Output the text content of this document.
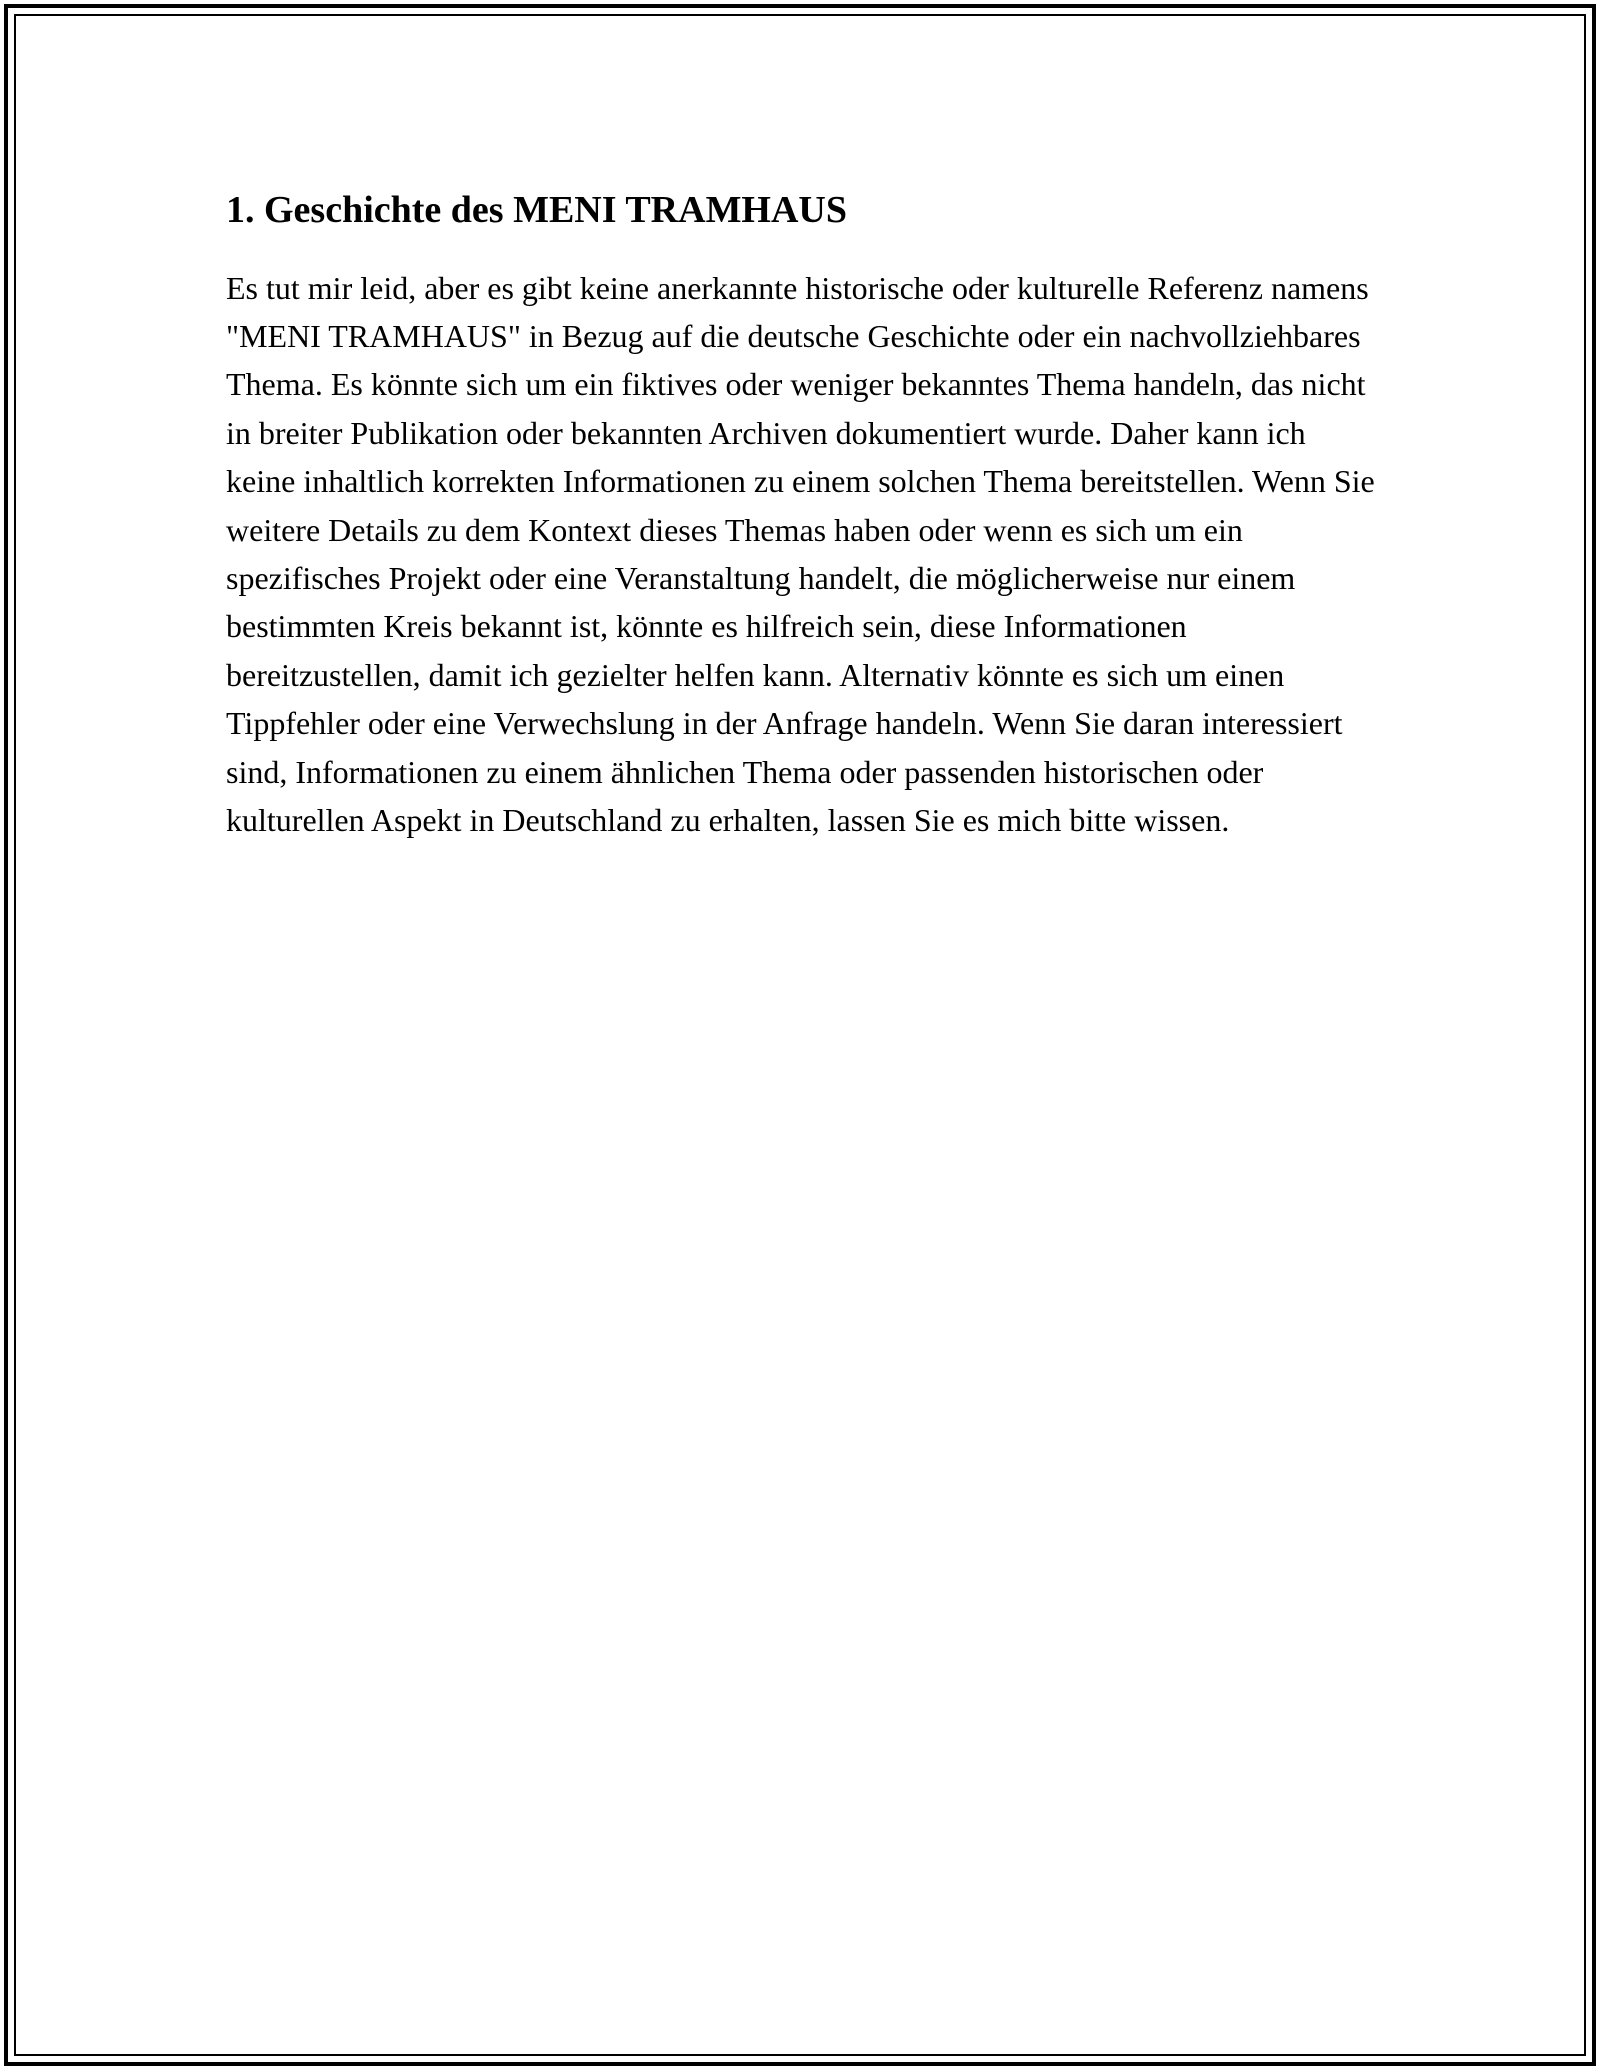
1. Geschichte des MENI TRAMHAUS

Es tut mir leid, aber es gibt keine anerkannte historische oder kulturelle Referenz namens "MENI TRAMHAUS" in Bezug auf die deutsche Geschichte oder ein nachvollziehbares Thema. Es könnte sich um ein fiktives oder weniger bekanntes Thema handeln, das nicht in breiter Publikation oder bekannten Archiven dokumentiert wurde. Daher kann ich keine inhaltlich korrekten Informationen zu einem solchen Thema bereitstellen. Wenn Sie weitere Details zu dem Kontext dieses Themas haben oder wenn es sich um ein spezifisches Projekt oder eine Veranstaltung handelt, die möglicherweise nur einem bestimmten Kreis bekannt ist, könnte es hilfreich sein, diese Informationen bereitzustellen, damit ich gezielter helfen kann. Alternativ könnte es sich um einen Tippfehler oder eine Verwechslung in der Anfrage handeln. Wenn Sie daran interessiert sind, Informationen zu einem ähnlichen Thema oder passenden historischen oder kulturellen Aspekt in Deutschland zu erhalten, lassen Sie es mich bitte wissen.
